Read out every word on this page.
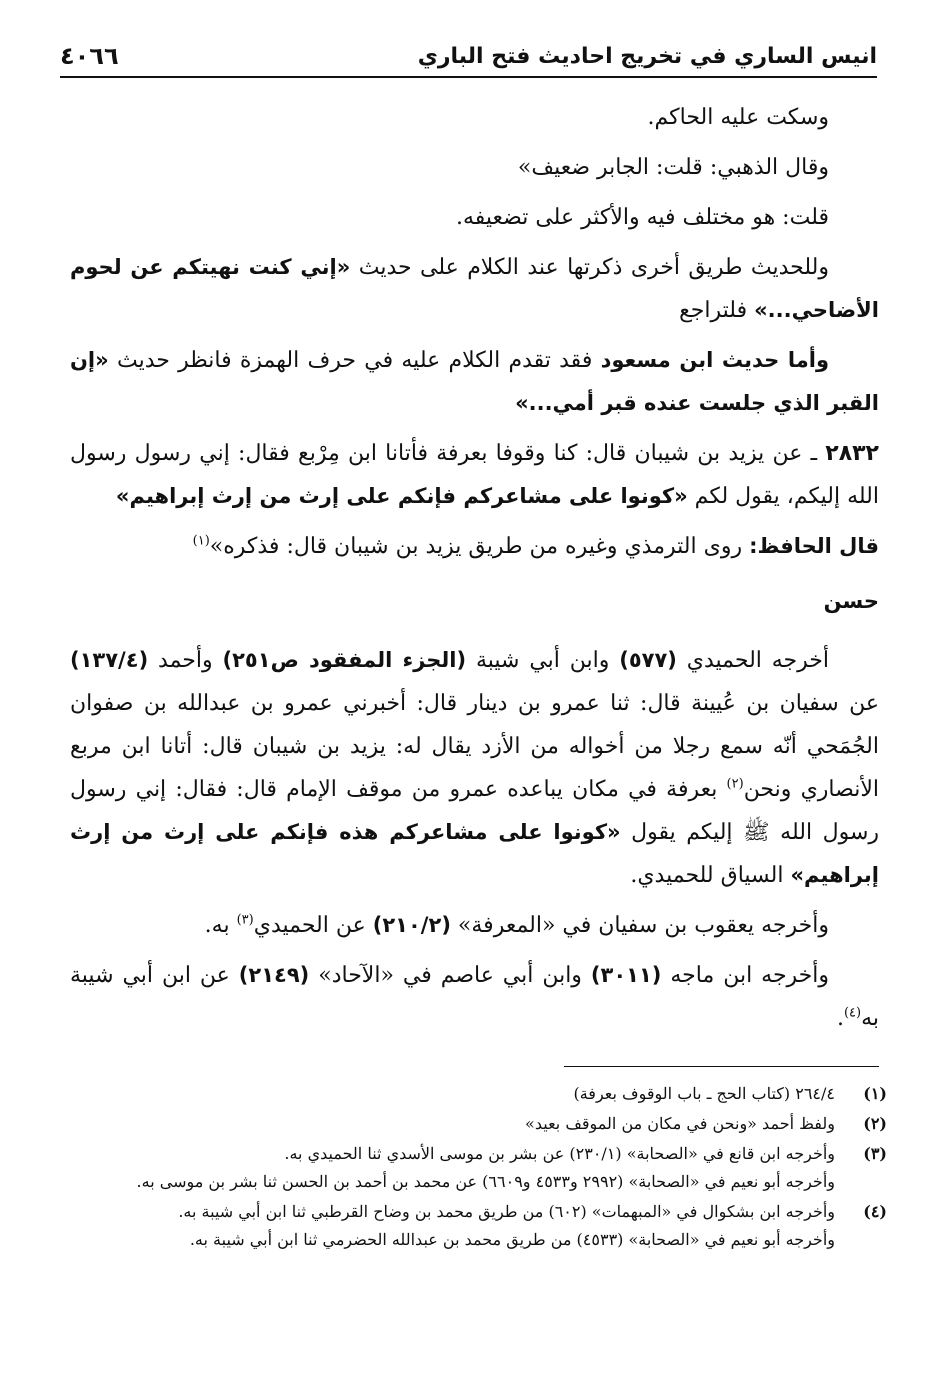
انيس الساري في تخريج احاديث فتح الباري
٤٠٦٦

وسكت عليه الحاكم.

وقال الذهبي: قلت: الجابر ضعيف»

قلت: هو مختلف فيه والأكثر على تضعيفه.

وللحديث طريق أخرى ذكرتها عند الكلام على حديث «إني كنت نهيتكم عن لحوم الأضاحي...» فلتراجع

وأما حديث ابن مسعود فقد تقدم الكلام عليه في حرف الهمزة فانظر حديث «إن القبر الذي جلست عنده قبر أمي...»

٢٨٣٢ ـ عن يزيد بن شيبان قال: كنا وقوفا بعرفة فأتانا ابن مِرْبع فقال: إني رسول رسول الله إليكم، يقول لكم «كونوا على مشاعركم فإنكم على إرث من إرث إبراهيم»

قال الحافظ: روى الترمذي وغيره من طريق يزيد بن شيبان قال: فذكره»$^{(١)}$

حسن

أخرجه الحميدي (٥٧٧) وابن أبي شيبة (الجزء المفقود ص٢٥١) وأحمد (١٣٧/٤) عن سفيان بن عُيينة قال: ثنا عمرو بن دينار قال: أخبرني عمرو بن عبدالله بن صفوان الجُمَحي أنّه سمع رجلا من أخواله من الأزد يقال له: يزيد بن شيبان قال: أتانا ابن مربع الأنصاري ونحن$^{(٢)}$ بعرفة في مكان يباعده عمرو من موقف الإمام قال: فقال: إني رسول رسول الله ﷺ إليكم يقول «كونوا على مشاعركم هذه فإنكم على إرث من إرث إبراهيم» السياق للحميدي.

وأخرجه يعقوب بن سفيان في «المعرفة» (٢١٠/٢) عن الحميدي$^{(٣)}$ به.

وأخرجه ابن ماجه (٣٠١١) وابن أبي عاصم في «الآحاد» (٢١٤٩) عن ابن أبي شيبة به$^{(٤)}$.

(١)
٢٦٤/٤ (كتاب الحج ـ باب الوقوف بعرفة)
(٢)
ولفظ أحمد «ونحن في مكان من الموقف بعيد»
(٣)
وأخرجه ابن قانع في «الصحابة» (٢٣٠/١) عن بشر بن موسى الأسدي ثنا الحميدي به.
وأخرجه أبو نعيم في «الصحابة» (٢٩٩٢ و٤٥٣٣ و٦٦٠٩) عن محمد بن أحمد بن الحسن ثنا بشر بن موسى به.
(٤)
وأخرجه ابن بشكوال في «المبهمات» (٦٠٢) من طريق محمد بن وضاح القرطبي ثنا ابن أبي شيبة به.
وأخرجه أبو نعيم في «الصحابة» (٤٥٣٣) من طريق محمد بن عبدالله الحضرمي ثنا ابن أبي شيبة به.
